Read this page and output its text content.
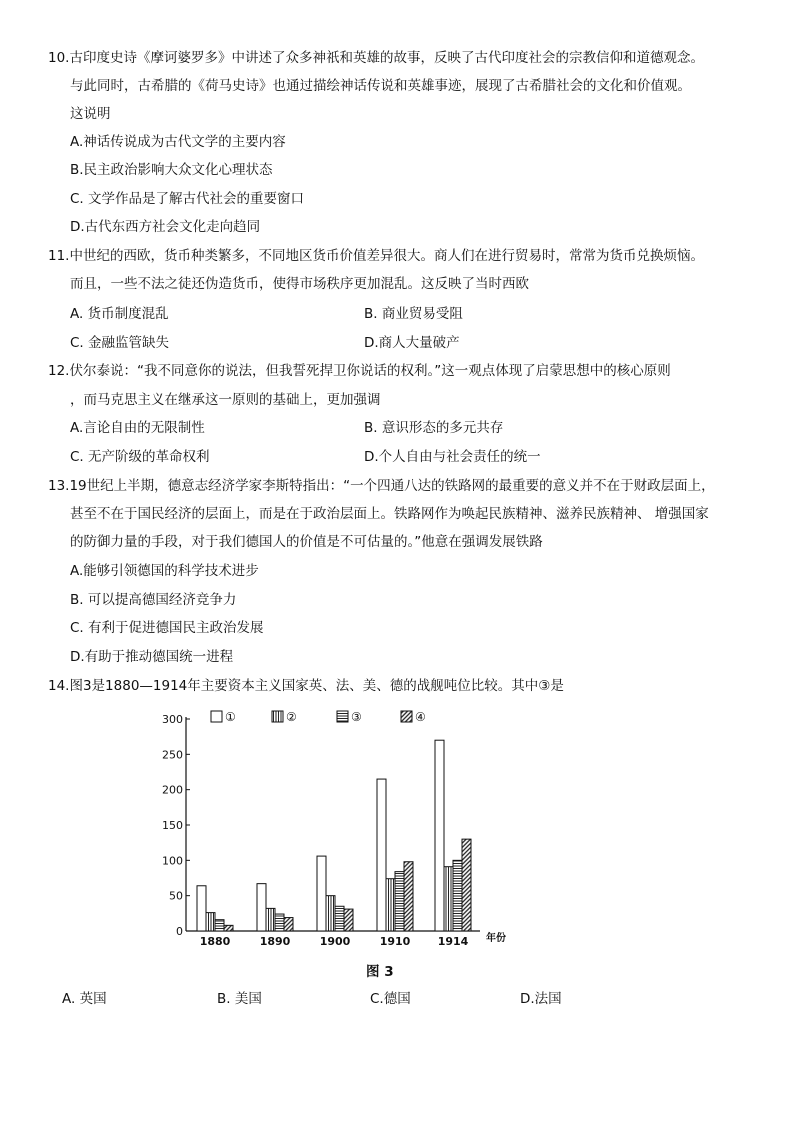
10.古印度史诗《摩诃婆罗多》中讲述了众多神祇和英雄的故事，反映了古代印度社会的宗教信仰和道德观念。
与此同时，古希腊的《荷马史诗》也通过描绘神话传说和英雄事迹，展现了古希腊社会的文化和价值观。
这说明
A.神话传说成为古代文学的主要内容
B.民主政治影响大众文化心理状态
C. 文学作品是了解古代社会的重要窗口
D.古代东西方社会文化走向趋同
11.中世纪的西欧，货币种类繁多，不同地区货币价值差异很大。商人们在进行贸易时，常常为货币兑换烦恼。
而且，一些不法之徒还伪造货币，使得市场秩序更加混乱。这反映了当时西欧
A. 货币制度混乱	B. 商业贸易受阻
C. 金融监管缺失	D.商人大量破产
12.伏尔泰说：“我不同意你的说法，但我誓死捍卫你说话的权利。”这一观点体现了启蒙思想中的核心原则
，而马克思主义在继承这一原则的基础上，更加强调
A.言论自由的无限制性	B. 意识形态的多元共存
C. 无产阶级的革命权利	D.个人自由与社会责任的统一
13.19世纪上半期，德意志经济学家李斯特指出：“一个四通八达的铁路网的最重要的意义并不在于财政层面上，
甚至不在于国民经济的层面上，而是在于政治层面上。铁路网作为唤起民族精神、滋养民族精神、 增强国家
的防御力量的手段，对于我们德国人的价值是不可估量的。”他意在强调发展铁路
A.能够引领德国的科学技术进步
B. 可以提高德国经济竞争力
C. 有利于促进德国民主政治发展
D.有助于推动德国统一进程
14.图3是1880—1914年主要资本主义国家英、法、美、德的战舰吨位比较。其中③是
0
50
100
150
200
250
300
年份
1880	1890	1900	1910 1914
①	②	③	④
图 3
A. 英国	B. 美国	C.德国	D.法国
